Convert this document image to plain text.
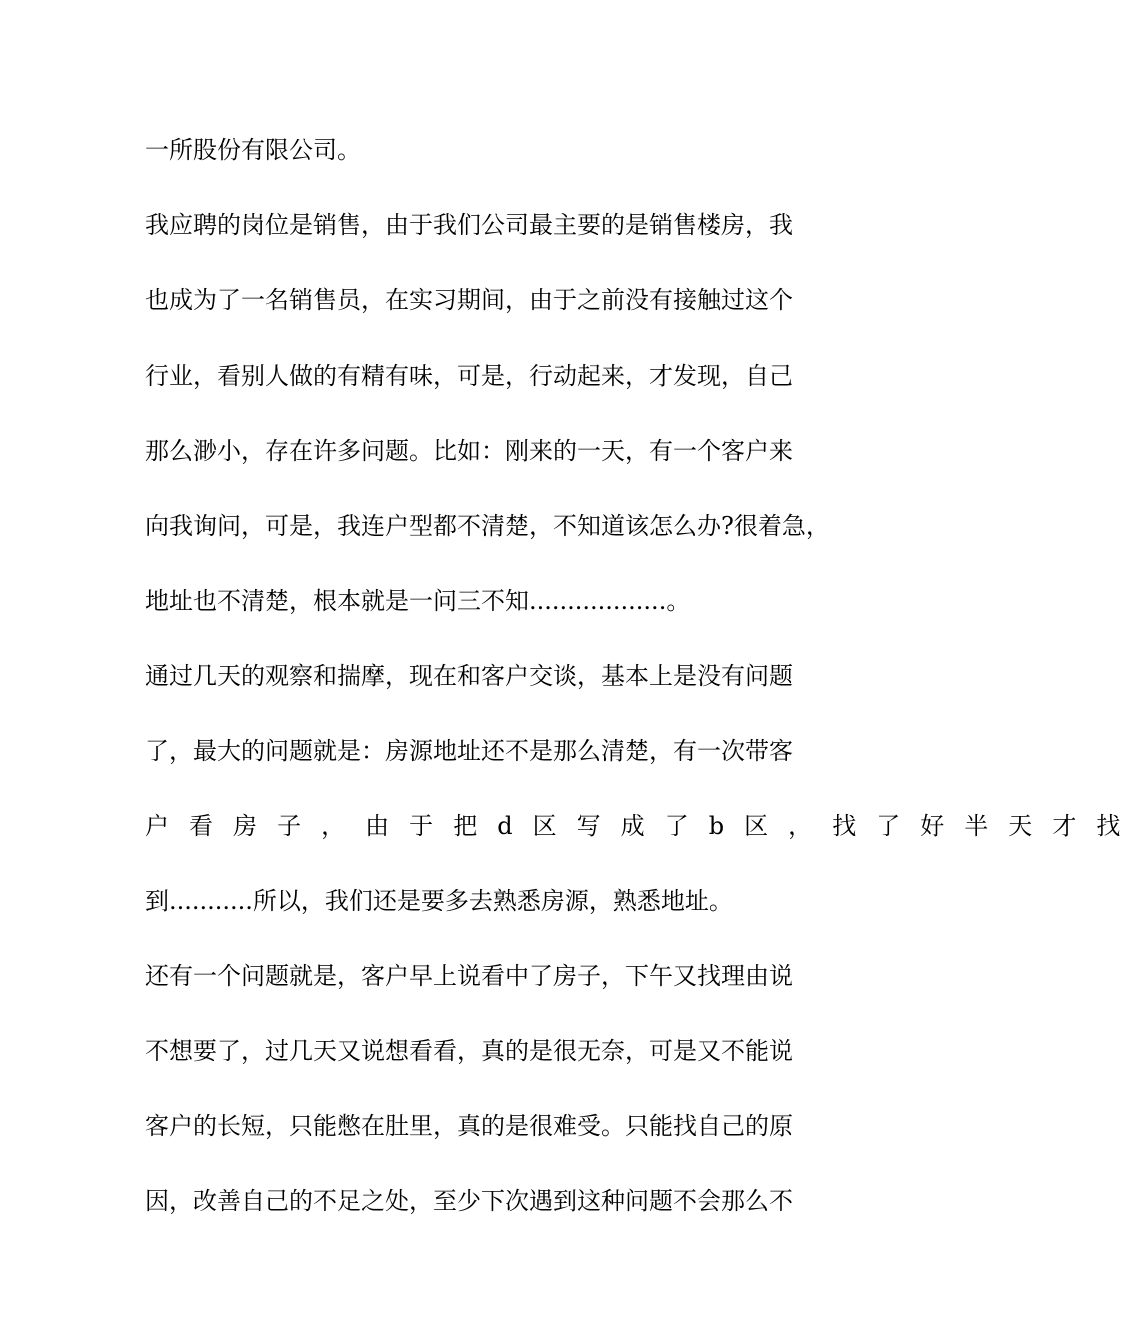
一所股份有限公司。
我应聘的岗位是销售，由于我们公司最主要的是销售楼房，我
也成为了一名销售员，在实习期间，由于之前没有接触过这个
行业，看别人做的有精有味，可是，行动起来，才发现，自己
那么渺小，存在许多问题。比如：刚来的一天，有一个客户来
向我询问，可是，我连户型都不清楚，不知道该怎么办?很着急，
地址也不清楚，根本就是一问三不知..................。
通过几天的观察和揣摩，现在和客户交谈，基本上是没有问题
了，最大的问题就是：房源地址还不是那么清楚，有一次带客
户 看 房 子 ， 由 于 把 d 区 写 成 了 b 区 ， 找 了 好 半 天 才 找
到...........所以，我们还是要多去熟悉房源，熟悉地址。
还有一个问题就是，客户早上说看中了房子，下午又找理由说
不想要了，过几天又说想看看，真的是很无奈，可是又不能说
客户的长短，只能憋在肚里，真的是很难受。只能找自己的原
因，改善自己的不足之处，至少下次遇到这种问题不会那么不
